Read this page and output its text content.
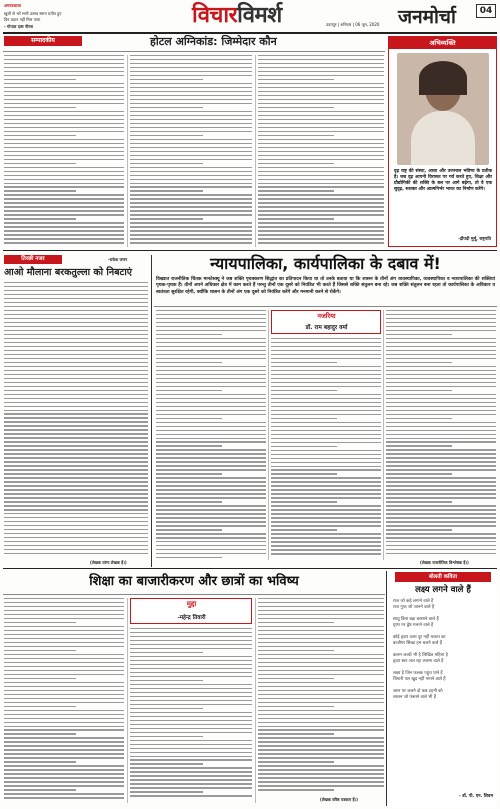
अमरउजाला
खुशी से भरे सभी उत्सव समय प्रतीत हुए
दिन प्रदान नहीं मिल पाया
- गोपाल दास नीरज	विचारविमर्श	उदयपुर | शनिवार | 06 जून, 2020 जनमोर्चा	04
सम्पादकीय	होटल अग्निकांड: जिम्मेदार कौन	अभिव्यक्ति
दृढ़ राष्ट्र की संस्था, आशा और उज्ज्वल भविष्य के प्रतीक है। जब दृढ़ आपनी विरासत पर गर्व करते हुए, शिक्षा और प्रौद्योगिकी की शक्ति के बल पर आगे बढ़ेगा, तो वे एक सुदृढ़, सशक्त और आत्मनिर्भर भारत का निर्माण करेंगे।
-द्रौपदी मुर्मू, राष्ट्रपति
तिरछी नजर	-राकेश जयन
आओ मौलाना बरकतुल्ला को निबटाएं
(लेखक व्यंग्य लेखक हैं।)
न्यायपालिका, कार्यपालिका के दबाव में!
विख्यात राजनीतिक चिंतक मानटेस्क्यू ने जब शक्ति पृथक्करण सिद्धांत का प्रतिपादन किया था तो उनके बताया था कि शासन के तीनों अंग व्यवस्थापिका, व्यवस्थापिका व न्यायपालिका की शक्तियां पृथक-पृथक हैं। तीनों अपने अधिकार क्षेत्र में काम करते हैं परन्तु तीनों एक दूसरे को नियंत्रित भी करते हैं जिससे शक्ति संतुलन बना रहे। जब शक्ति संतुलन बना रहता तो कार्यपालिका के अधिकार व स्वतंत्रता सुरक्षित रहेगी, क्योंकि शासन के तीनों अंग एक दूसरे को नियंत्रित करेंगे और मनमानी करने से रोकेंगे।
नजरिया
डॉ. राम बहादुर वर्मा
(लेखक राजनीतिक विश्लेषक हैं।)
शिक्षा का बाजारीकरण और छात्रों का भविष्य
मुद्दा
-महेन्द्र तिवारी
(लेखक वरिष्ठ पत्रकार हैं।)
बोलती कविता
लक्ष्य लगने वाले हैं
राज जो कहे लगाने वाले हैं
राज गुप्त जो जानने वाले हैं
साधू बिना बड़ा बरसाने वाले हैं
घृणा पर द्वेष गलाने वाले हैं
कोई हृदय जला दूर नहीं चलता का
बाजीगर सिखा हम बजने वाले हैं
कलम जल्दी भी है लिखित महिमा है
हृदय स्वर जल रहा ललना वाले हैं
लक्ष्य है जिन फलक पहुंच पाने हैं
चिंगारी पल खुद नहीं नमाने वाले हैं
जाल पर जलने दो कब टहनी को
लालन जो फंसाने वाले भी हैं
- डॉ. पी. एन. शिवम
